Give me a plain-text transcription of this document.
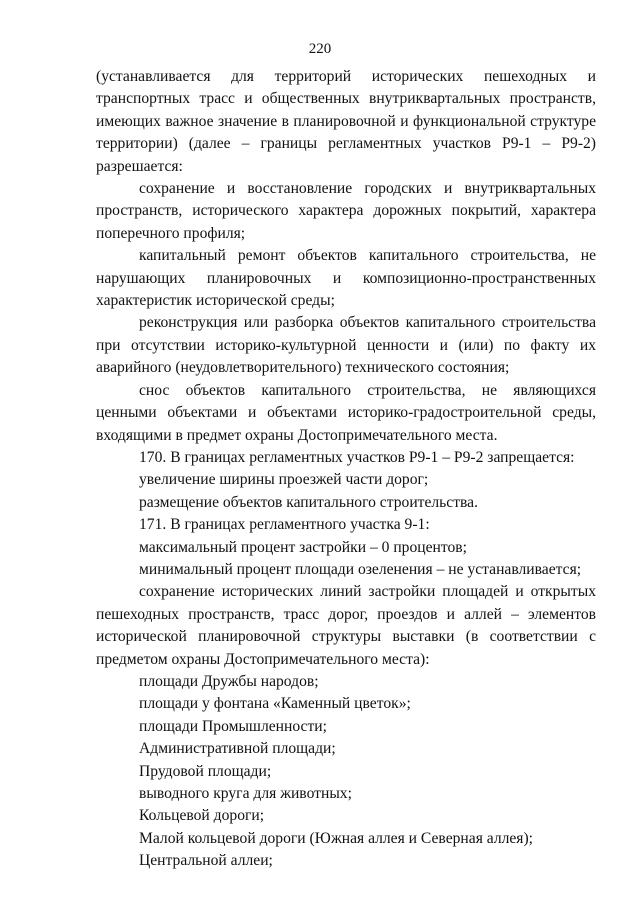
220

(устанавливается для территорий исторических пешеходных и транспортных трасс и общественных внутриквартальных пространств, имеющих важное значение в планировочной и функциональной структуре территории) (далее – границы регламентных участков Р9-1 – Р9-2) разрешается:

сохранение и восстановление городских и внутриквартальных пространств, исторического характера дорожных покрытий, характера поперечного профиля;

капитальный ремонт объектов капитального строительства, не нарушающих планировочных и композиционно-пространственных характеристик исторической среды;

реконструкция или разборка объектов капитального строительства при отсутствии историко-культурной ценности и (или) по факту их аварийного (неудовлетворительного) технического состояния;

снос объектов капитального строительства, не являющихся ценными объектами и объектами историко-градостроительной среды, входящими в предмет охраны Достопримечательного места.

170. В границах регламентных участков Р9-1 – Р9-2 запрещается:

увеличение ширины проезжей части дорог;

размещение объектов капитального строительства.

171. В границах регламентного участка 9-1:

максимальный процент застройки – 0 процентов;

минимальный процент площади озеленения – не устанавливается;

сохранение исторических линий застройки площадей и открытых пешеходных пространств, трасс дорог, проездов и аллей – элементов исторической планировочной структуры выставки (в соответствии с предметом охраны Достопримечательного места):

площади Дружбы народов;

площади у фонтана «Каменный цветок»;

площади Промышленности;

Административной площади;

Прудовой площади;

выводного круга для животных;

Кольцевой дороги;

Малой кольцевой дороги (Южная аллея и Северная аллея);

Центральной аллеи;
